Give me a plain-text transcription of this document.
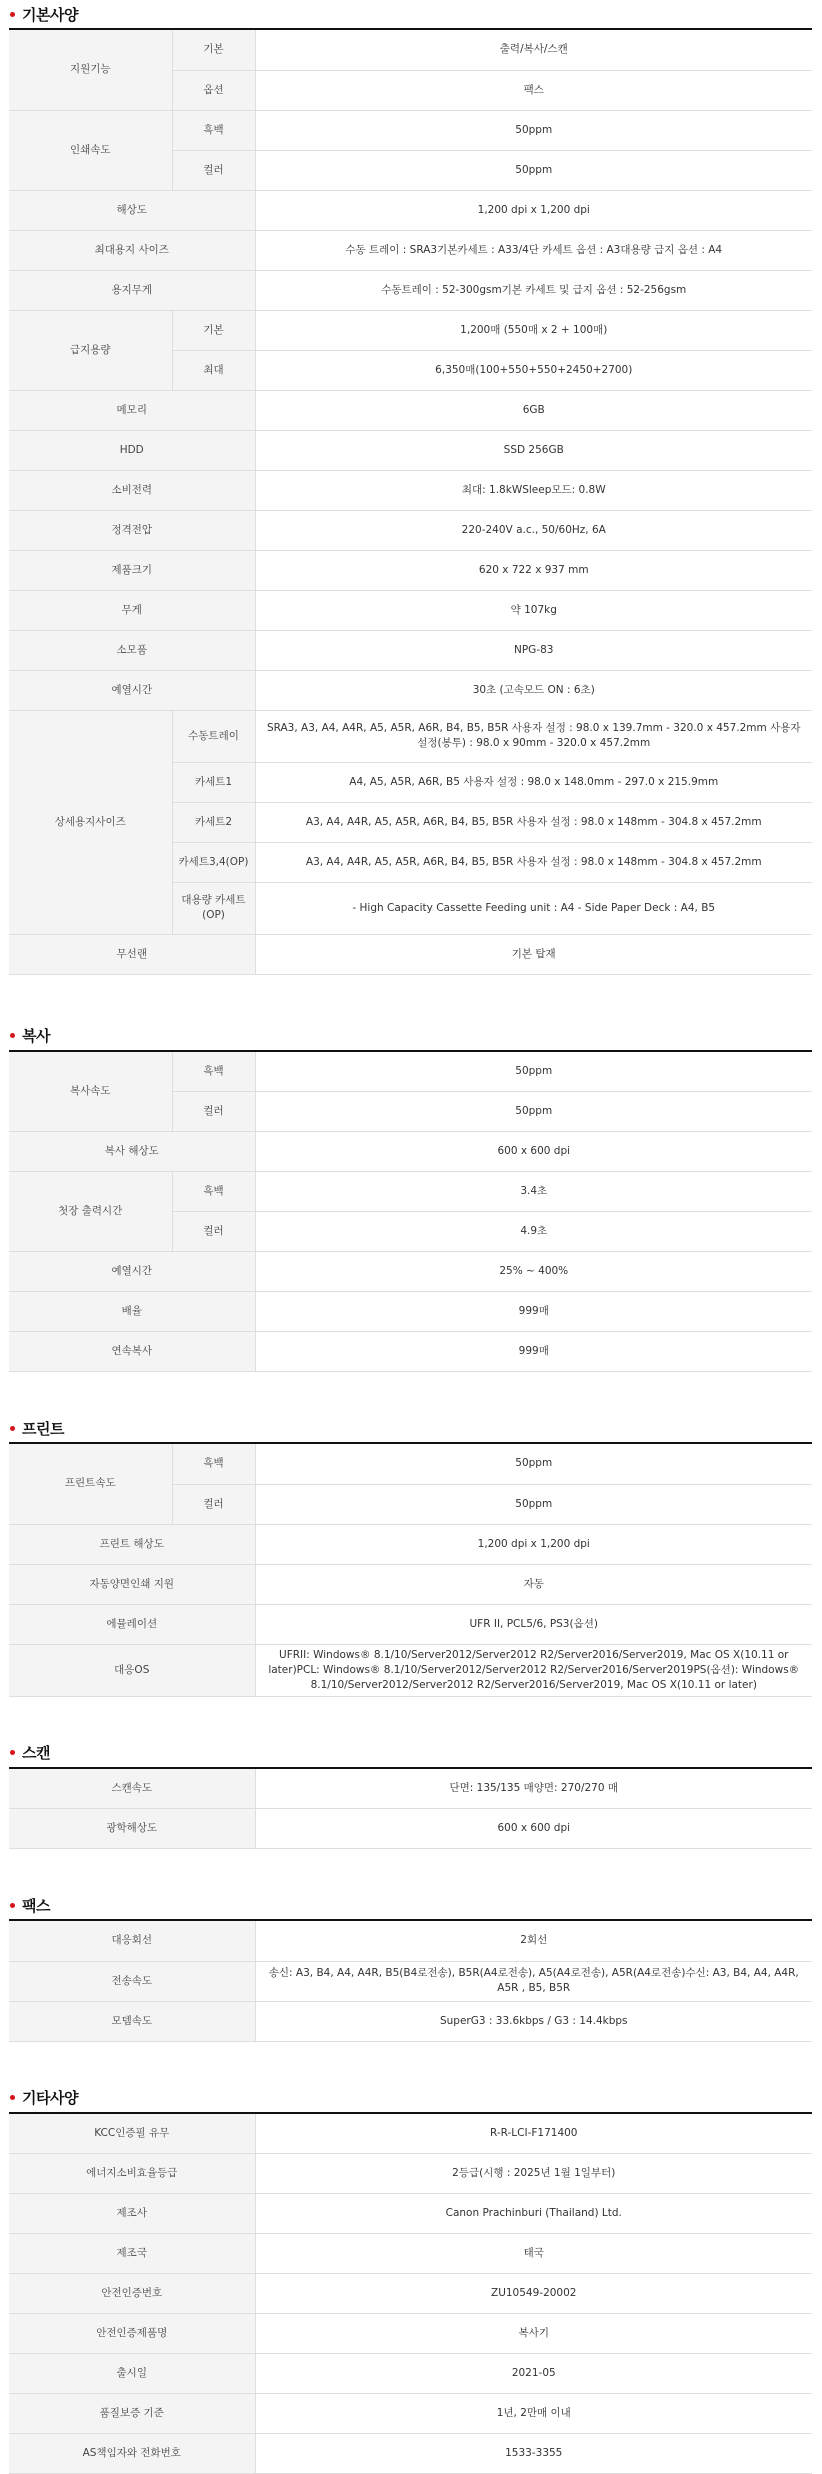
기본사양
지원기능	기본	출력/복사/스캔
	옵션	팩스
인쇄속도	흑백	50ppm
	컬러	50ppm
해상도		1,200 dpi x 1,200 dpi
최대용지 사이즈		수동 트레이 : SRA3기본카세트 : A33/4단 카세트 옵션 : A3대용량 급지 옵션 : A4
용지무게		수동트레이 : 52-300gsm기본 카세트 및 급지 옵션 : 52-256gsm
급지용량	기본	1,200매 (550매 x 2 + 100매)
	최대	6,350매(100+550+550+2450+2700)
메모리		6GB
HDD		SSD 256GB
소비전력		최대: 1.8kWSleep모드: 0.8W
정격전압		220-240V a.c., 50/60Hz, 6A
제품크기		620 x 722 x 937 mm
무게		약 107kg
소모품		NPG-83
예열시간		30초 (고속모드 ON : 6초)
상세용지사이즈	수동트레이	SRA3, A3, A4, A4R, A5, A5R, A6R, B4, B5, B5R 사용자 설정 : 98.0 x 139.7mm - 320.0 x 457.2mm 사용자 설정(봉투) : 98.0 x 90mm - 320.0 x 457.2mm
	카세트1	A4, A5, A5R, A6R, B5 사용자 설정 : 98.0 x 148.0mm - 297.0 x 215.9mm
	카세트2	A3, A4, A4R, A5, A5R, A6R, B4, B5, B5R 사용자 설정 : 98.0 x 148mm - 304.8 x 457.2mm
	카세트3,4(OP)	A3, A4, A4R, A5, A5R, A6R, B4, B5, B5R 사용자 설정 : 98.0 x 148mm - 304.8 x 457.2mm
	대용량 카세트 (OP)	- High Capacity Cassette Feeding unit : A4 - Side Paper Deck : A4, B5
무선랜		기본 탑재
복사
복사속도	흑백	50ppm
	컬러	50ppm
복사 해상도		600 x 600 dpi
첫장 출력시간	흑백	3.4초
	컬러	4.9초
예열시간		25% ~ 400%
배율		999매
연속복사		999매
프린트
프린트속도	흑백	50ppm
	컬러	50ppm
프린트 해상도		1,200 dpi x 1,200 dpi
자동양면인쇄 지원		자동
에뮬레이션		UFR II, PCL5/6, PS3(옵션)
대응OS		UFRII: Windows® 8.1/10/Server2012/Server2012 R2/Server2016/Server2019, Mac OS X(10.11 or later)PCL: Windows® 8.1/10/Server2012/Server2012 R2/Server2016/Server2019PS(옵션): Windows® 8.1/10/Server2012/Server2012 R2/Server2016/Server2019, Mac OS X(10.11 or later)
스캔
스캔속도	단면: 135/135 매양면: 270/270 매
광학해상도	600 x 600 dpi
팩스
대응회선	2회선
전송속도	송신: A3, B4, A4, A4R, B5(B4로전송), B5R(A4로전송), A5(A4로전송), A5R(A4로전송)수신: A3, B4, A4, A4R, A5R , B5, B5R
모뎀속도	SuperG3 : 33.6kbps / G3 : 14.4kbps
기타사양
KCC인증필 유무	R-R-LCI-F171400
에너지소비효율등급	2등급(시행 : 2025년 1월 1일부터)
제조사	Canon Prachinburi (Thailand) Ltd.
제조국	태국
안전인증번호	ZU10549-20002
안전인증제품명	복사기
출시일	2021-05
품질보증 기준	1년, 2만매 이내
AS책임자와 전화번호	1533-3355
